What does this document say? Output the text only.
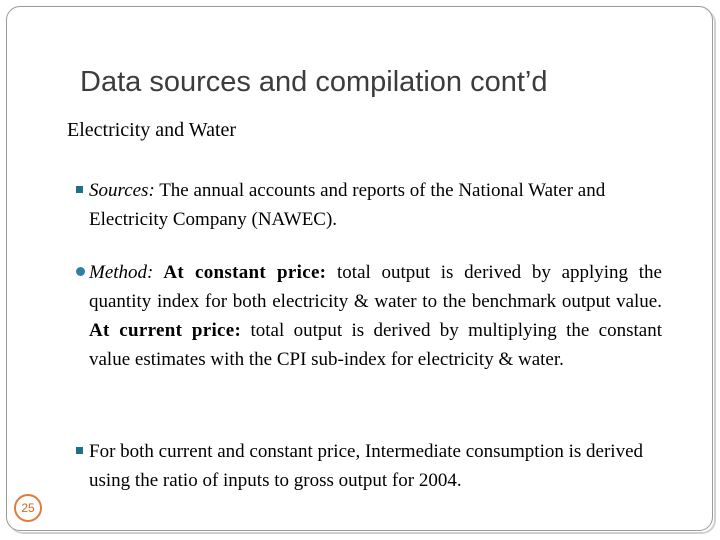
Data sources and compilation cont’d
Electricity and Water
Sources: The annual accounts and reports of the National Water and Electricity Company (NAWEC).
Method: At constant price: total output is derived by applying the quantity index for both electricity & water to the benchmark output value. At current price: total output is derived by multiplying the constant value estimates with the CPI sub-index for electricity & water.
For both current and constant price, Intermediate consumption is derived using the ratio of inputs to gross output for 2004.
25
